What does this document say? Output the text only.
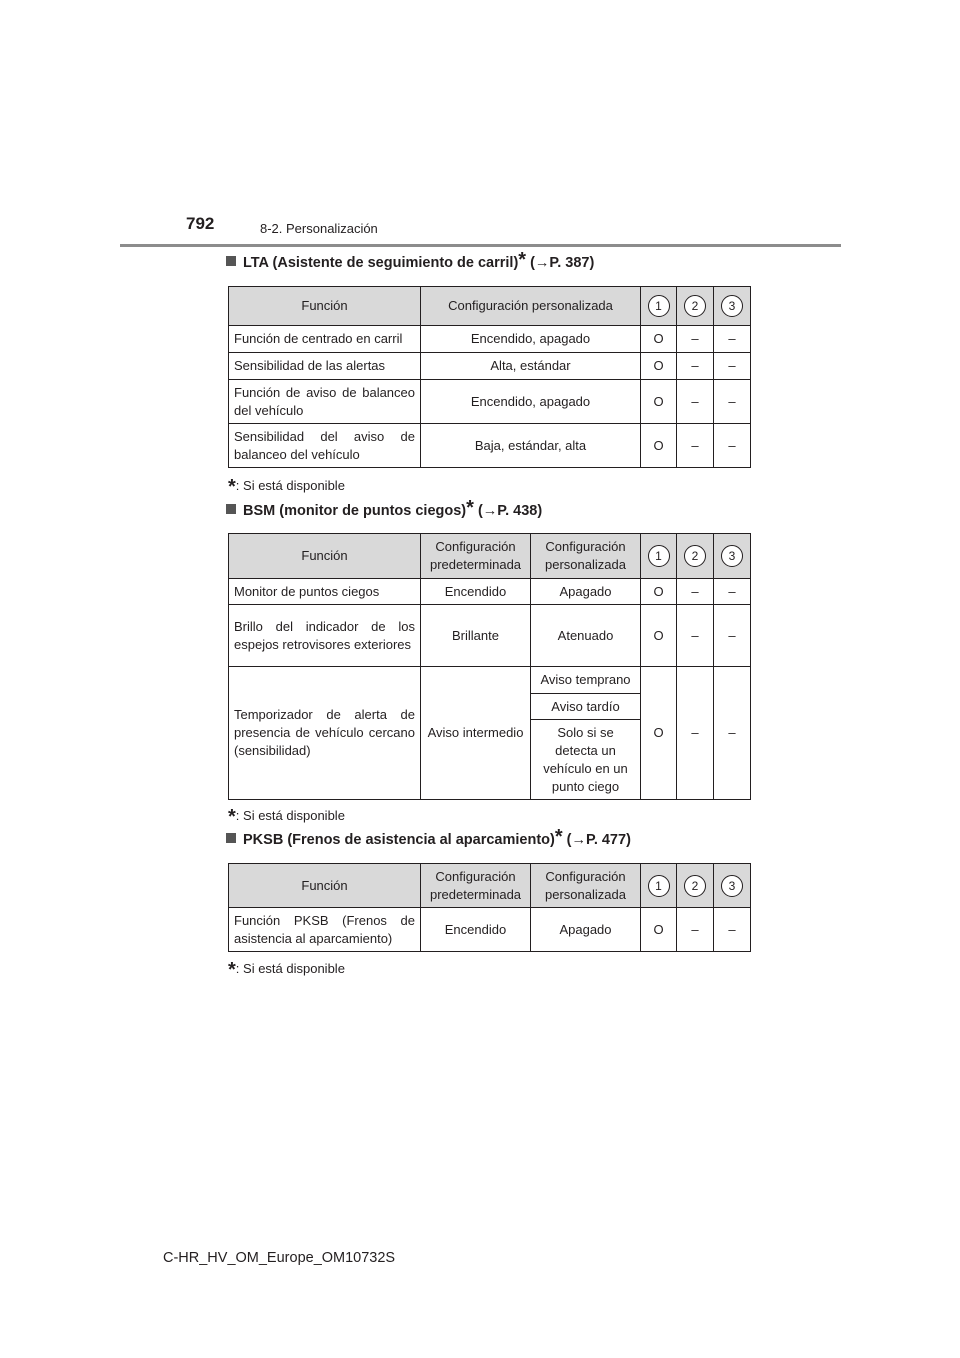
792	8-2. Personalización
LTA (Asistente de seguimiento de carril)* (→P. 387)
Función	Configuración personalizada	1	2	3
Función de centrado en carril	Encendido, apagado	O	–	–
Sensibilidad de las alertas	Alta, estándar	O	–	–
Función de aviso de balanceo del vehículo	Encendido, apagado	O	–	–
Sensibilidad del aviso de balanceo del vehículo	Baja, estándar, alta	O	–	–
*: Si está disponible
BSM (monitor de puntos ciegos)* (→P. 438)
Función	Configuración predeterminada	Configuración personalizada	1	2	3
Monitor de puntos ciegos	Encendido	Apagado	O	–	–
Brillo del indicador de los espejos retrovisores exteriores	Brillante	Atenuado	O	–	–
Temporizador de alerta de presencia de vehículo cercano (sensibilidad)	Aviso intermedio	Aviso temprano	O	–	–
		Aviso tardío			
		Solo si se detecta un vehículo en un punto ciego			
*: Si está disponible
PKSB (Frenos de asistencia al aparcamiento)* (→P. 477)
Función	Configuración predeterminada	Configuración personalizada	1	2	3
Función PKSB (Frenos de asistencia al aparcamiento)	Encendido	Apagado	O	–	–
*: Si está disponible
C-HR_HV_OM_Europe_OM10732S
